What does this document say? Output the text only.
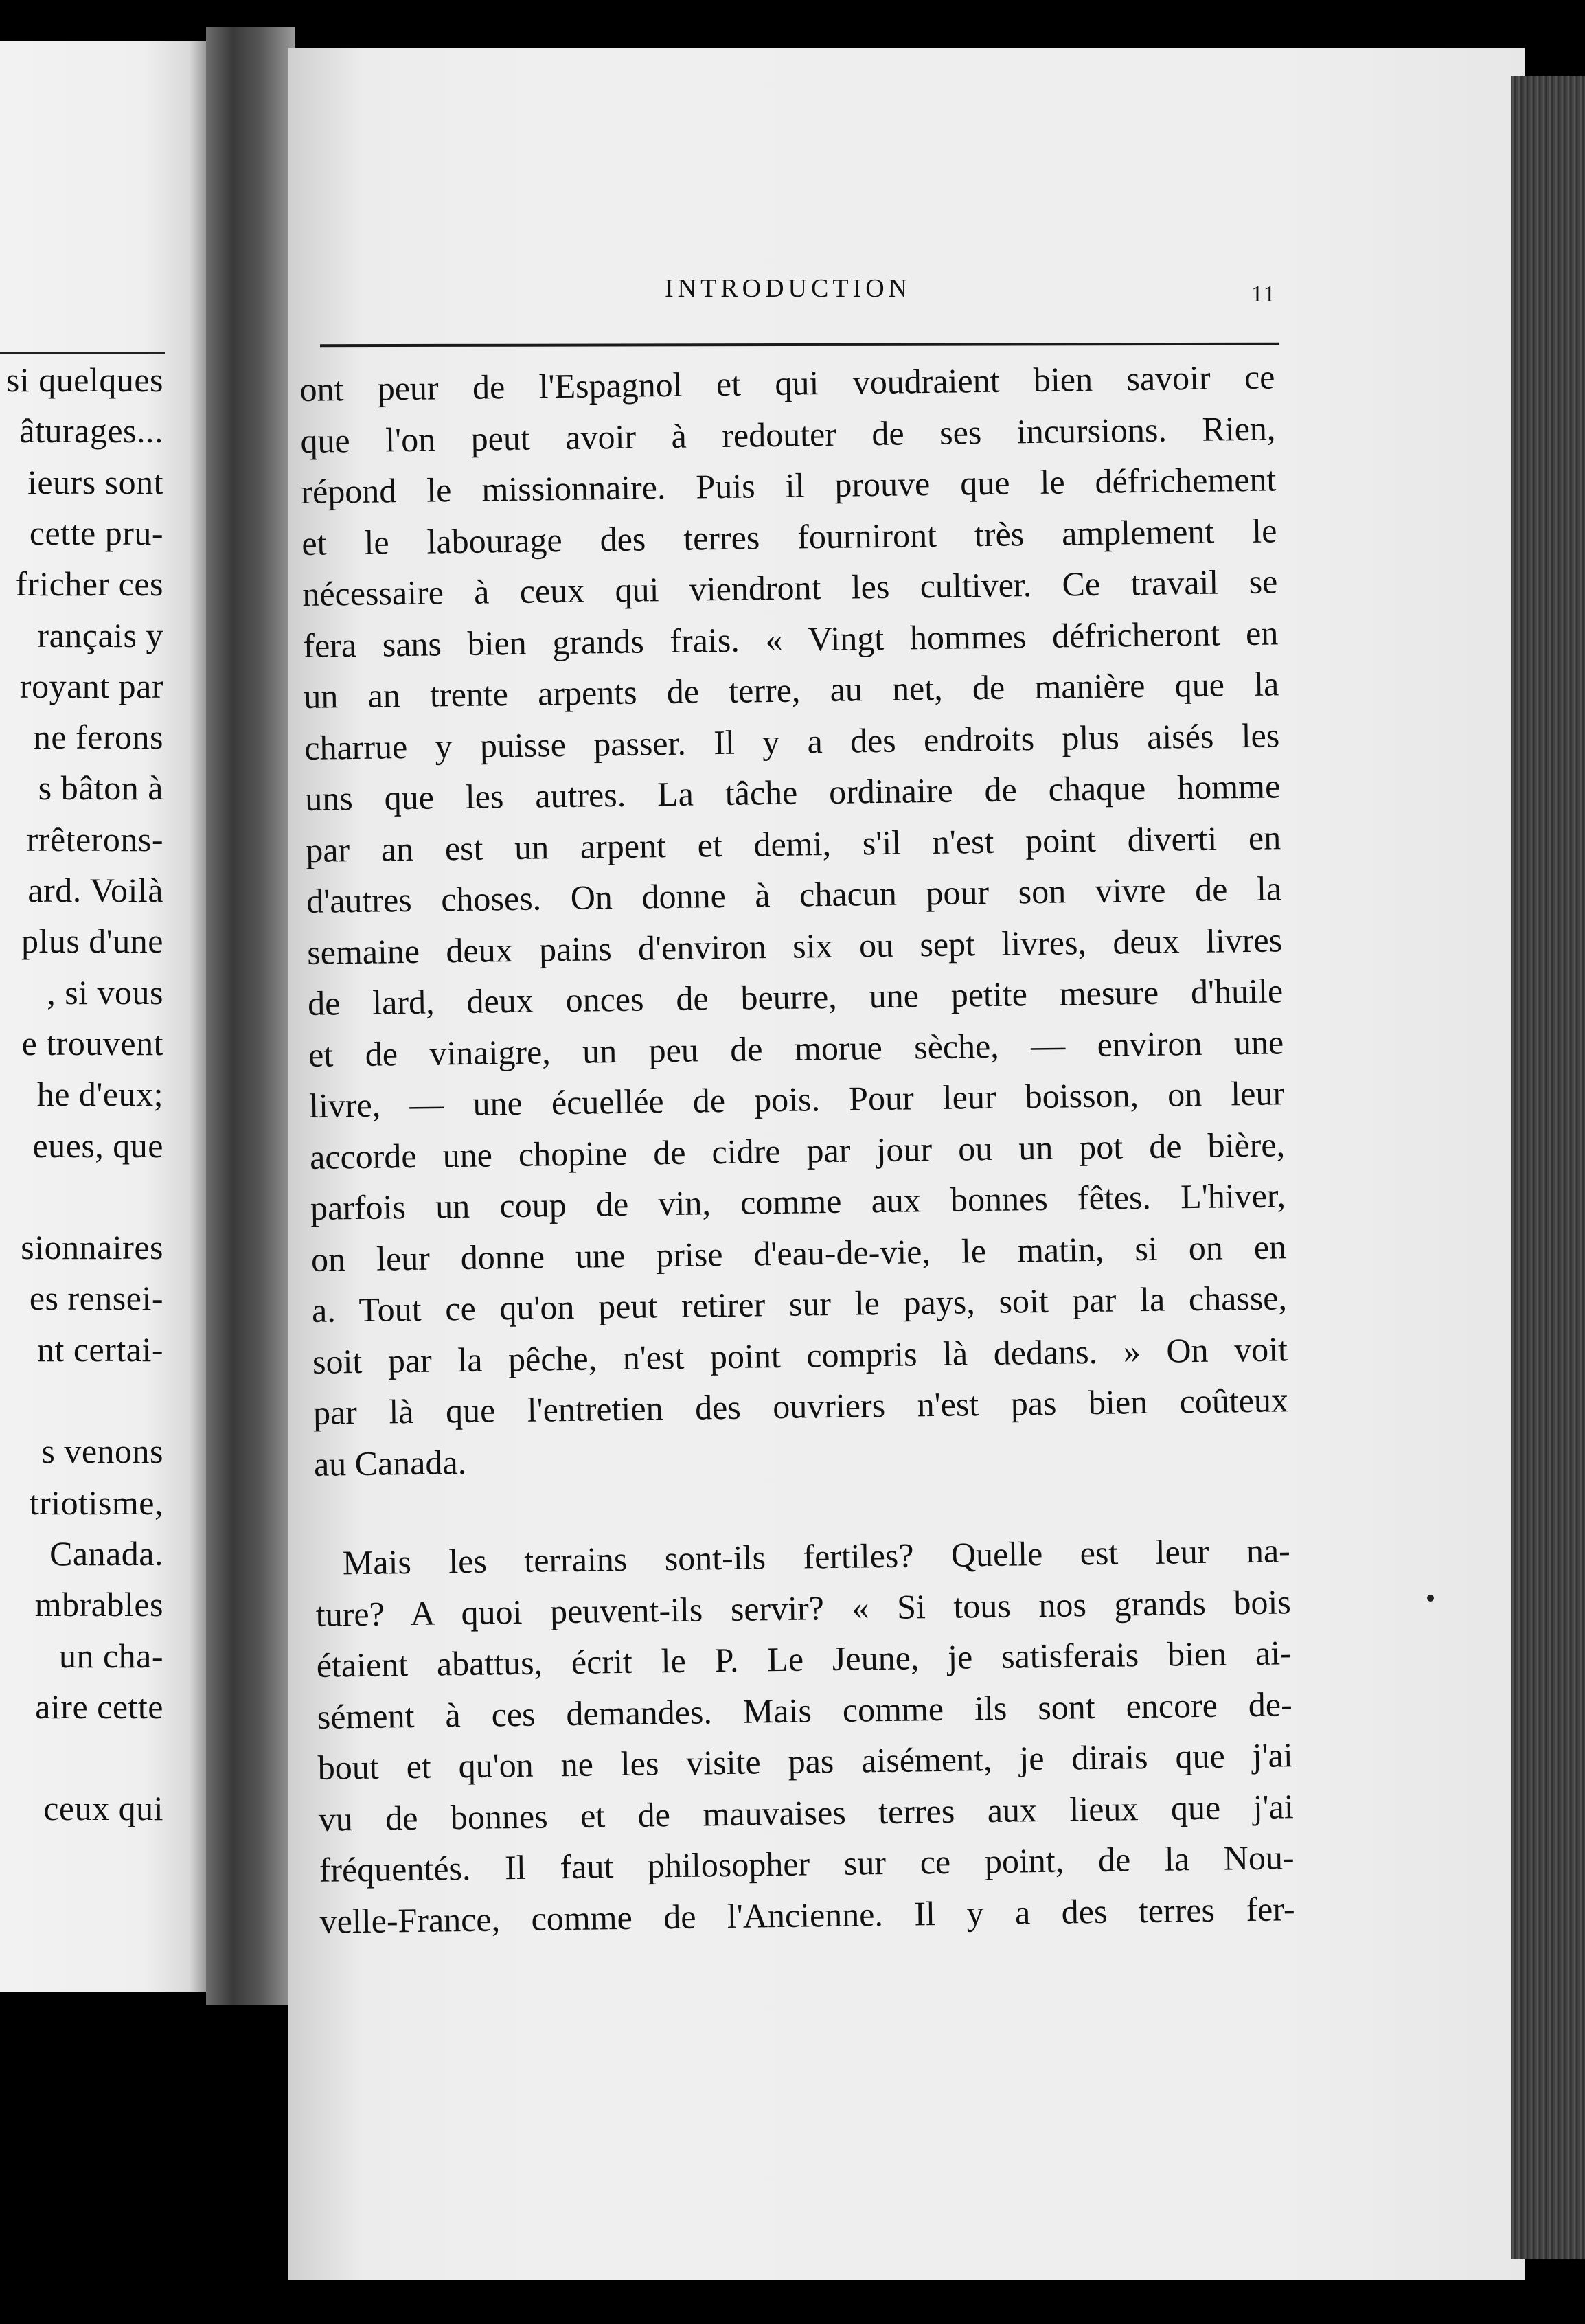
si quelques
âturages...
ieurs sont
cette pru-
fricher ces
rançais y
royant par
ne ferons
s bâton à
rrêterons-
ard. Voilà
plus d'une
, si vous
e trouvent
he d'eux;
eues, que
sionnaires
es rensei-
nt certai-
s venons
triotisme,
Canada.
mbrables
un cha-
aire cette
ceux qui
INTRODUCTION	11
ont peur de l'Espagnol et qui voudraient bien savoir ce
que l'on peut avoir à redouter de ses incursions. Rien,
répond le missionnaire. Puis il prouve que le défrichement
et le labourage des terres fourniront très amplement le
nécessaire à ceux qui viendront les cultiver. Ce travail se
fera sans bien grands frais. « Vingt hommes défricheront en
un an trente arpents de terre, au net, de manière que la
charrue y puisse passer. Il y a des endroits plus aisés les
uns que les autres. La tâche ordinaire de chaque homme
par an est un arpent et demi, s'il n'est point diverti en
d'autres choses. On donne à chacun pour son vivre de la
semaine deux pains d'environ six ou sept livres, deux livres
de lard, deux onces de beurre, une petite mesure d'huile
et de vinaigre, un peu de morue sèche, — environ une
livre, — une écuellée de pois. Pour leur boisson, on leur
accorde une chopine de cidre par jour ou un pot de bière,
parfois un coup de vin, comme aux bonnes fêtes. L'hiver,
on leur donne une prise d'eau-de-vie, le matin, si on en
a. Tout ce qu'on peut retirer sur le pays, soit par la chasse,
soit par la pêche, n'est point compris là dedans. » On voit
par là que l'entretien des ouvriers n'est pas bien coûteux
au Canada.
Mais les terrains sont-ils fertiles? Quelle est leur na-
ture? A quoi peuvent-ils servir? « Si tous nos grands bois
étaient abattus, écrit le P. Le Jeune, je satisferais bien ai-
sément à ces demandes. Mais comme ils sont encore de-
bout et qu'on ne les visite pas aisément, je dirais que j'ai
vu de bonnes et de mauvaises terres aux lieux que j'ai
fréquentés. Il faut philosopher sur ce point, de la Nou-
velle-France, comme de l'Ancienne. Il y a des terres fer-
